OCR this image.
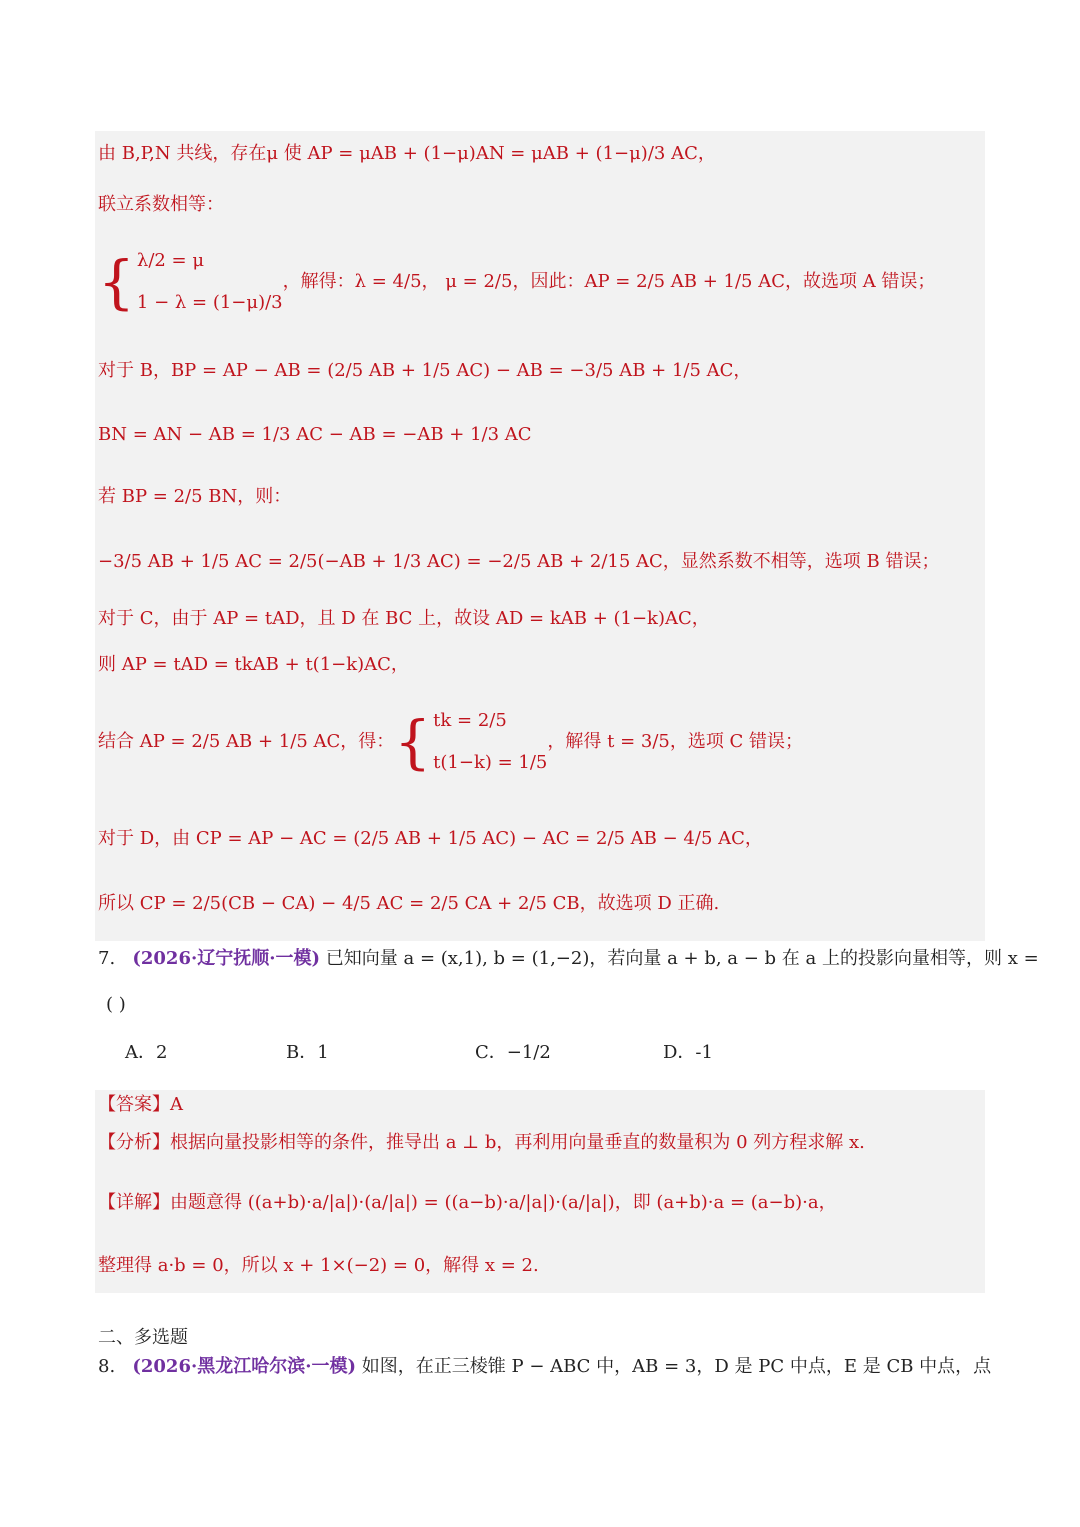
由 B,P,N 共线，存在μ 使 AP = μAB + (1−μ)AN = μAB + (1−μ)/3 AC，
联立系数相等：
{ λ/2 = μ
1 − λ = (1−μ)/3
，解得：λ = 4/5， μ = 2/5，因此：AP = 2/5 AB + 1/5 AC，故选项 A 错误；
对于 B，BP = AP − AB = (2/5 AB + 1/5 AC) − AB = −3/5 AB + 1/5 AC，
BN = AN − AB = 1/3 AC − AB = −AB + 1/3 AC
若 BP = 2/5 BN，则：
−3/5 AB + 1/5 AC = 2/5(−AB + 1/3 AC) = −2/5 AB + 2/15 AC，显然系数不相等，选项 B 错误；
对于 C，由于 AP = tAD，且 D 在 BC 上，故设 AD = kAB + (1−k)AC，
则 AP = tAD = tkAB + t(1−k)AC，
结合 AP = 2/5 AB + 1/5 AC，得：{ tk = 2/5
t(1−k) = 1/5
，解得 t = 3/5，选项 C 错误；
对于 D，由 CP = AP − AC = (2/5 AB + 1/5 AC) − AC = 2/5 AB − 4/5 AC，
所以 CP = 2/5(CB − CA) − 4/5 AC = 2/5 CA + 2/5 CB，故选项 D 正确.
7. (2026·辽宁抚顺·一模) 已知向量 a = (x,1), b = (1,−2)，若向量 a + b, a − b 在 a 上的投影向量相等，则 x =
( )
A．2	B．1	C．−1/2	D．-1
【答案】A
【分析】根据向量投影相等的条件，推导出 a ⊥ b，再利用向量垂直的数量积为 0 列方程求解 x.
【详解】由题意得 ((a+b)·a/|a|)·(a/|a|) = ((a−b)·a/|a|)·(a/|a|)，即 (a+b)·a = (a−b)·a，
整理得 a·b = 0，所以 x + 1×(−2) = 0，解得 x = 2.
二、多选题
8. (2026·黑龙江哈尔滨·一模) 如图，在正三棱锥 P − ABC 中，AB = 3，D 是 PC 中点，E 是 CB 中点，点
